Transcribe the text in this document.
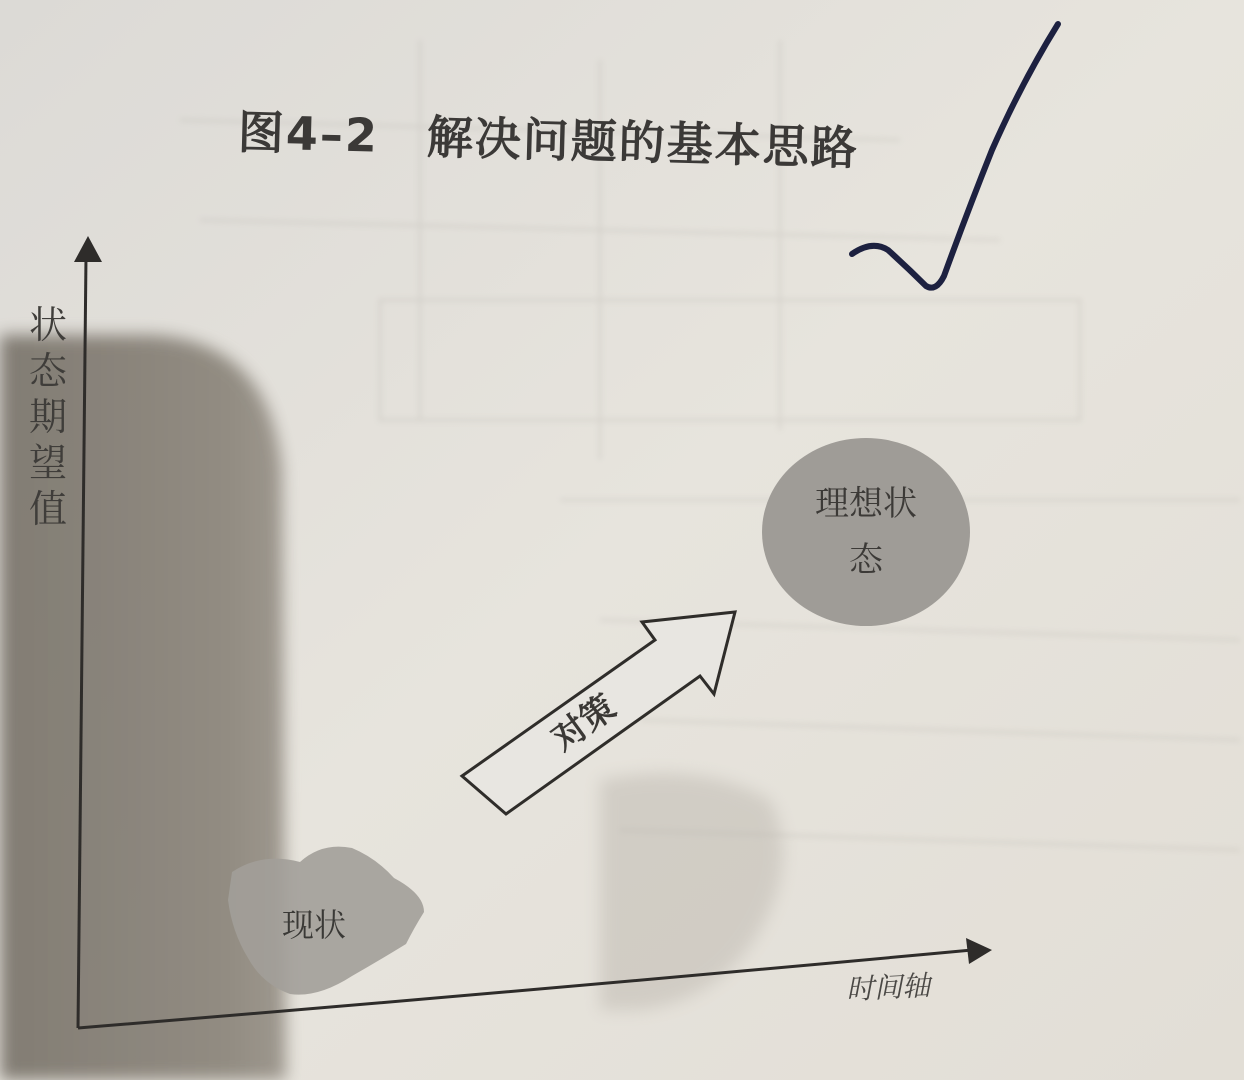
图4–2 解决问题的基本思路
状态期望值
时间轴
现状
理想状态
对策
